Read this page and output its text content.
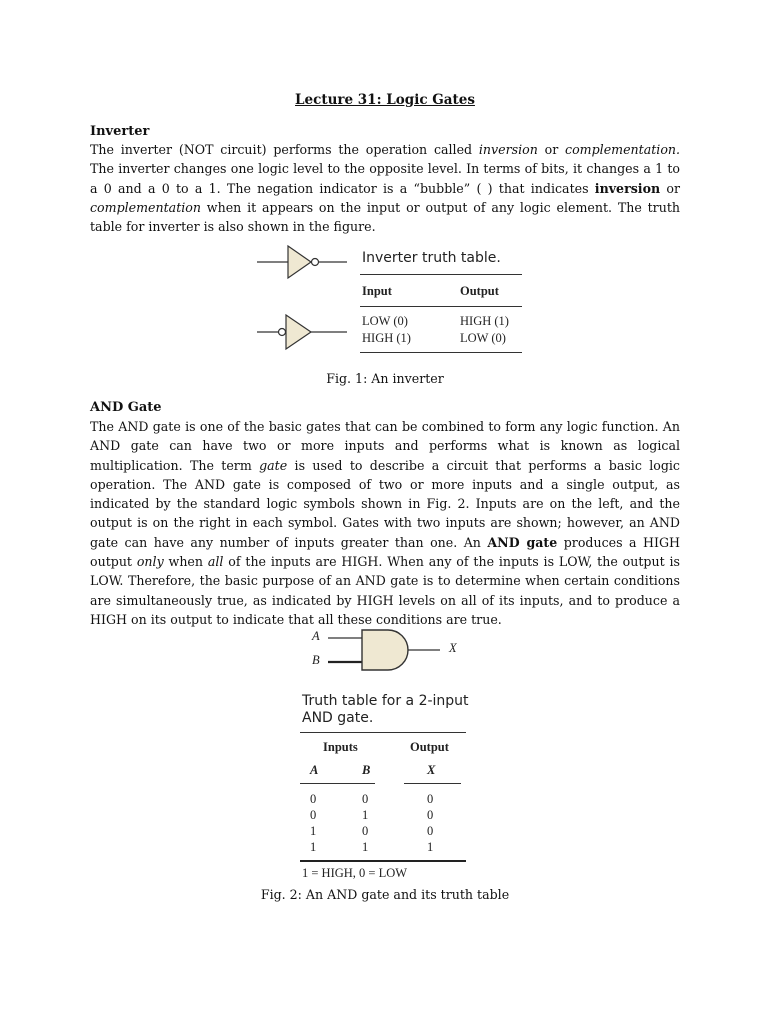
Lecture 31: Logic Gates
Inverter
The inverter (NOT circuit) performs the operation called inversion or complementation. The inverter changes one logic level to the opposite level. In terms of bits, it changes a 1 to a 0 and a 0 to a 1. The negation indicator is a “bubble” ( ) that indicates inversion or complementation when it appears on the input or output of any logic element. The truth table for inverter is also shown in the figure.
Inverter truth table.
Input	Output
LOW (0)	HIGH (1)
HIGH (1)	LOW (0)
Fig. 1: An inverter
AND Gate
The AND gate is one of the basic gates that can be combined to form any logic function. An AND gate can have two or more inputs and performs what is known as logical multiplication. The term gate is used to describe a circuit that performs a basic logic operation. The AND gate is composed of two or more inputs and a single output, as indicated by the standard logic symbols shown in Fig. 2. Inputs are on the left, and the output is on the right in each symbol. Gates with two inputs are shown; however, an AND gate can have any number of inputs greater than one. An AND gate produces a HIGH output only when all of the inputs are HIGH. When any of the inputs is LOW, the output is LOW. Therefore, the basic purpose of an AND gate is to determine when certain conditions are simultaneously true, as indicated by HIGH levels on all of its inputs, and to produce a HIGH on its output to indicate that all these conditions are true.
A
B
X
Truth table for a 2-input
AND gate.
Inputs	Output
A	B	X
0	0	0
0	1	0
1	0	0
1	1	1
1 = HIGH, 0 = LOW
Fig. 2: An AND gate and its truth table
